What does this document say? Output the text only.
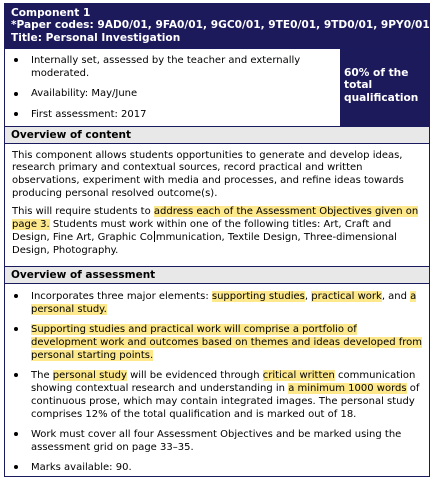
Component 1
*Paper codes: 9AD0/01, 9FA0/01, 9GC0/01, 9TE0/01, 9TD0/01, 9PY0/01
Title: Personal Investigation
Internally set, assessed by the teacher and externally moderated.
Availability: May/June
First assessment: 2017
60% of the
total
qualification
Overview of content

This component allows students opportunities to generate and develop ideas, research primary and contextual sources, record practical and written observations, experiment with media and processes, and refine ideas towards producing personal resolved outcome(s).

This will require students to address each of the Assessment Objectives given on page 3. Students must work within one of the following titles: Art, Craft and Design, Fine Art, Graphic Co mmunication, Textile Design, Three-dimensional Design, Photography.

Overview of assessment
Incorporates three major elements: supporting studies, practical work, and a personal study.
Supporting studies and practical work will comprise a portfolio of development work and outcomes based on themes and ideas developed from personal starting points.
The personal study will be evidenced through critical written communication showing contextual research and understanding in a minimum 1000 words of continuous prose, which may contain integrated images. The personal study comprises 12% of the total qualification and is marked out of 18.
Work must cover all four Assessment Objectives and be marked using the assessment grid on page 33–35.
Marks available: 90.
